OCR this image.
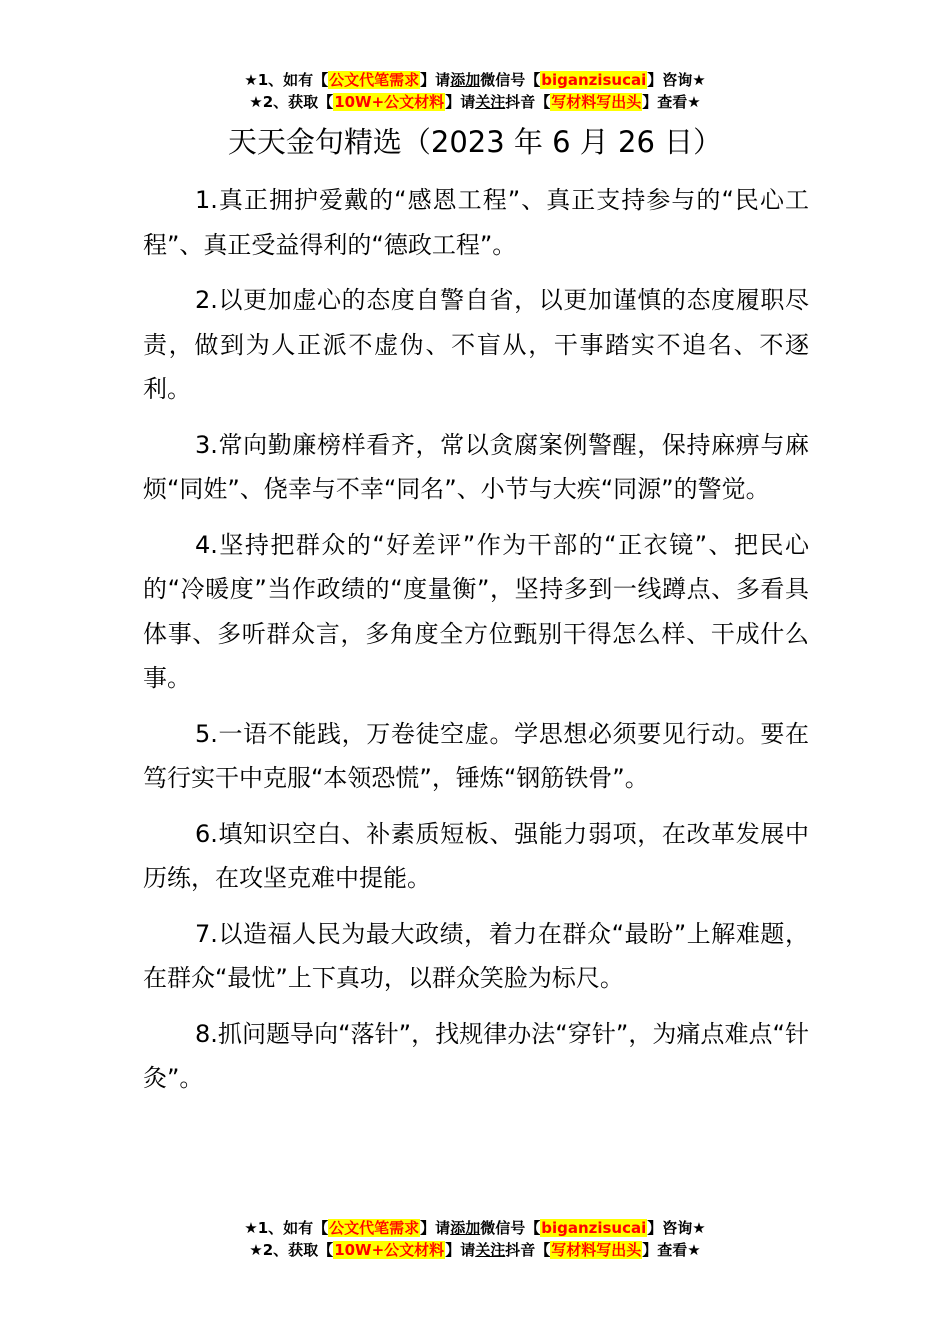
★1、如有【公文代笔需求】请添加微信号【biganzisucai】咨询★
★2、获取【10W+公文材料】请关注抖音【写材料写出头】查看★
天天金句精选（2023 年 6 月 26 日）

1.真正拥护爱戴的“感恩工程”、真正支持参与的“民心工程”、真正受益得利的“德政工程”。

2.以更加虚心的态度自警自省，以更加谨慎的态度履职尽责，做到为人正派不虚伪、不盲从，干事踏实不追名、不逐利。

3.常向勤廉榜样看齐，常以贪腐案例警醒，保持麻痹与麻烦“同姓”、侥幸与不幸“同名”、小节与大疾“同源”的警觉。

4.坚持把群众的“好差评”作为干部的“正衣镜”、把民心的“冷暖度”当作政绩的“度量衡”，坚持多到一线蹲点、多看具体事、多听群众言，多角度全方位甄别干得怎么样、干成什么事。

5.一语不能践，万卷徒空虚。学思想必须要见行动。要在笃行实干中克服“本领恐慌”，锤炼“钢筋铁骨”。

6.填知识空白、补素质短板、强能力弱项，在改革发展中历练，在攻坚克难中提能。

7.以造福人民为最大政绩，着力在群众“最盼”上解难题，在群众“最忧”上下真功，以群众笑脸为标尺。

8.抓问题导向“落针”，找规律办法“穿针”，为痛点难点“针灸”。

★1、如有【公文代笔需求】请添加微信号【biganzisucai】咨询★
★2、获取【10W+公文材料】请关注抖音【写材料写出头】查看★
